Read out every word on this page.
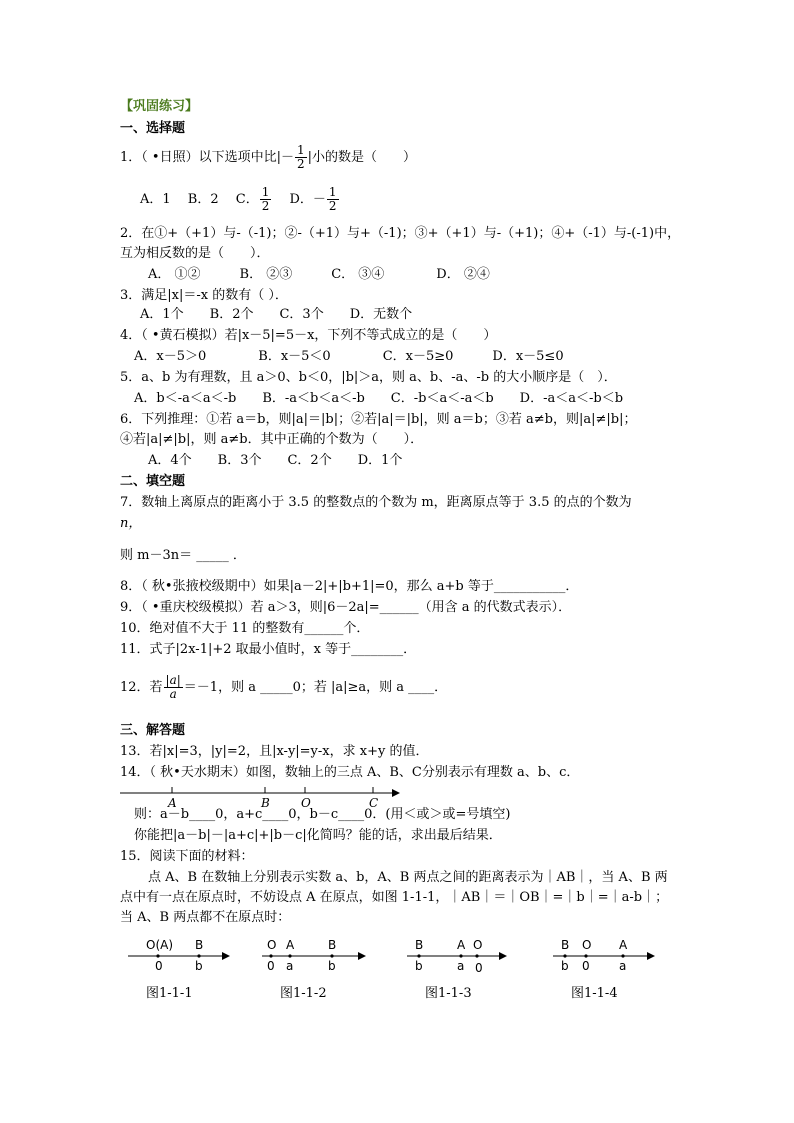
【巩固练习】
一、选择题
1．（ •日照）以下选项中比|－ $\frac{1}{2}$ |小的数是（　　）
A．1　 B．2　 C． $\frac{1}{2}$ 　 D．－ $\frac{1}{2}$
2．在①+（+1）与-（-1)；②-（+1）与+（-1)；③+（+1）与-（+1)；④+（-1）与-(-1)中，
互为相反数的是（　　）．
A． ①②　　　B． ②③　　　C． ③④　　　　D． ②④
3．满足|x|＝-x 的数有（ ）．
A．1个　　B．2个　　C．3个　　D．无数个
4．（ •黄石模拟）若|x－5|=5－x，下列不等式成立的是（　　）
A．x－5＞0　　　　B．x－5＜0　　　　C．x－5≥0　　　D．x－5≤0
5．a、b 为有理数，且 a＞0、b＜0，|b|＞a，则 a、b、-a、-b 的大小顺序是（　）．
A．b＜-a＜a＜-b　　B．-a＜b＜a＜-b　　C．-b＜a＜-a＜b　　D．-a＜a＜-b＜b
6．下列推理：①若 a＝b，则|a|＝|b|；②若|a|＝|b|，则 a＝b；③若 a≠b，则|a|≠|b|；
④若|a|≠|b|，则 a≠b．其中正确的个数为（　　）．
A．4个　　B．3个　　C．2个　　D．1个
二、填空题
7．数轴上离原点的距离小于 3.5 的整数点的个数为 m，距离原点等于 3.5 的点的个数为
n，
则 m－3n＝ _____ ．
8．（ 秋•张掖校级期中）如果|a－2|+|b+1|=0，那么 a+b 等于___________．
9．（ •重庆校级模拟）若 a＞3，则|6－2a|=______（用含 a 的代数式表示）．
10．绝对值不大于 11 的整数有______个．
11．式子|2x-1|+2 取最小值时，x 等于________．
12．若 $\frac{|a|}{a} =-1$，则 a _____0；若 |a|≥a，则 a ____．
三、解答题
13．若|x|=3，|y|=2，且|x-y|=y-x，求 x+y 的值．
14．（ 秋•天水期末）如图，数轴上的三点 A、B、C分别表示有理数 a、b、c．
A	B	O	C
则：a－b____0，a+c____0，b－c____0．(用＜或＞或=号填空)
你能把|a－b|－|a+c|+|b－c|化简吗？能的话，求出最后结果．
15．阅读下面的材料：
点 A、B 在数轴上分别表示实数 a、b，A、B 两点之间的距离表示为｜AB｜，当 A、B 两
点中有一点在原点时，不妨设点 A 在原点，如图 1-1-1，｜AB｜＝｜OB｜=｜b｜=｜a-b｜；
当 A、B 两点都不在原点时：
O(A) B
0	b
图1-1-1
O A	B
0 a	b
图1-1-2
B	A O
b	a 0
图1-1-3
B O A
b 0 a
图1-1-4
